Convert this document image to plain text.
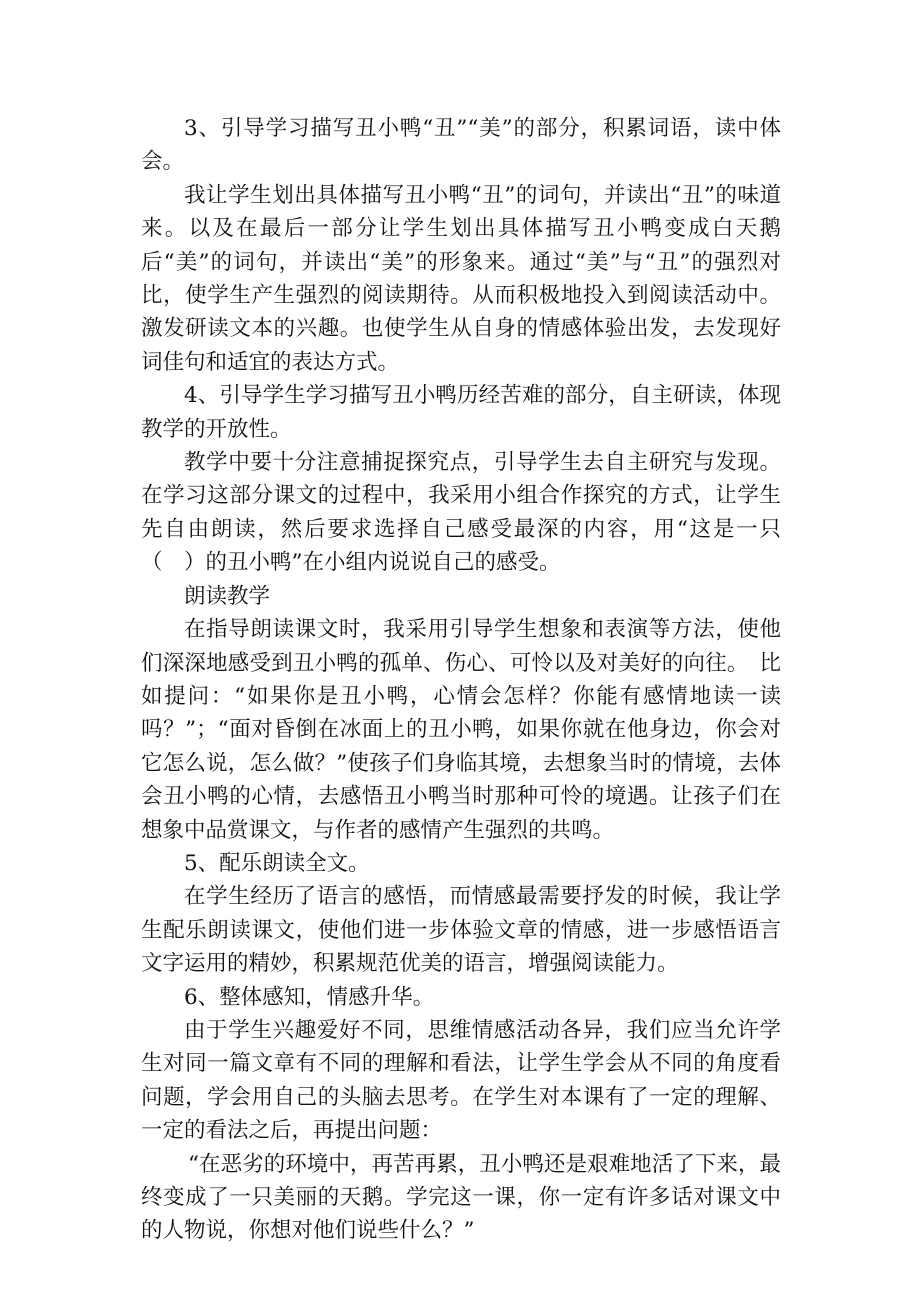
3、引导学习描写丑小鸭“丑”“美”的部分，积累词语，读中体会。

我让学生划出具体描写丑小鸭“丑”的词句，并读出“丑”的味道来。以及在最后一部分让学生划出具体描写丑小鸭变成白天鹅后“美”的词句，并读出“美”的形象来。通过“美”与“丑”的强烈对比，使学生产生强烈的阅读期待。从而积极地投入到阅读活动中。激发研读文本的兴趣。也使学生从自身的情感体验出发，去发现好词佳句和适宜的表达方式。

4、引导学生学习描写丑小鸭历经苦难的部分，自主研读，体现教学的开放性。

教学中要十分注意捕捉探究点，引导学生去自主研究与发现。在学习这部分课文的过程中，我采用小组合作探究的方式，让学生先自由朗读，然后要求选择自己感受最深的内容，用“这是一只（　）的丑小鸭”在小组内说说自己的感受。

朗读教学

在指导朗读课文时，我采用引导学生想象和表演等方法，使他们深深地感受到丑小鸭的孤单、伤心、可怜以及对美好的向往。　比如提问：“如果你是丑小鸭，心情会怎样？你能有感情地读一读吗？”；“面对昏倒在冰面上的丑小鸭，如果你就在他身边，你会对它怎么说，怎么做？”使孩子们身临其境，去想象当时的情境，去体会丑小鸭的心情，去感悟丑小鸭当时那种可怜的境遇。让孩子们在想象中品赏课文，与作者的感情产生强烈的共鸣。

5、配乐朗读全文。

在学生经历了语言的感悟，而情感最需要抒发的时候，我让学生配乐朗读课文，使他们进一步体验文章的情感，进一步感悟语言文字运用的精妙，积累规范优美的语言，增强阅读能力。

6、整体感知，情感升华。

由于学生兴趣爱好不同，思维情感活动各异，我们应当允许学生对同一篇文章有不同的理解和看法，让学生学会从不同的角度看问题，学会用自己的头脑去思考。在学生对本课有了一定的理解、一定的看法之后，再提出问题：

“在恶劣的环境中，再苦再累，丑小鸭还是艰难地活了下来，最终变成了一只美丽的天鹅。学完这一课，你一定有许多话对课文中的人物说，你想对他们说些什么？”
